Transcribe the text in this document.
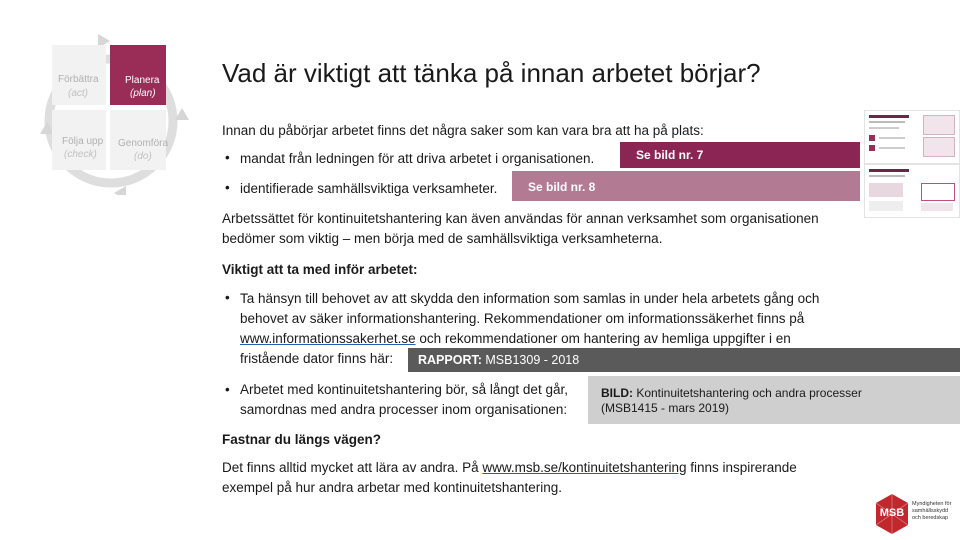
Förbättra
(act)
Planera
(plan)
Följa upp
(check)
Genomföra
(do)
Vad är viktigt att tänka på innan arbetet börjar?
Innan du påbörjar arbetet finns det några saker som kan vara bra att ha på plats:
Se bild nr. 7
• mandat från ledningen för att driva arbetet i organisationen.
Se bild nr. 8
• identifierade samhällsviktiga verksamheter.
Arbetssättet för kontinuitetshantering kan även användas för annan verksamhet som organisationen
bedömer som viktig – men börja med de samhällsviktiga verksamheterna.
Viktigt att ta med inför arbetet:
• Ta hänsyn till behovet av att skydda den information som samlas in under hela arbetets gång och
behovet av säker informationshantering. Rekommendationer om informationssäkerhet finns på
www.informationssakerhet.se och rekommendationer om hantering av hemliga uppgifter i en
fristående dator finns här:	RAPPORT: MSB1309 - 2018
• Arbetet med kontinuitetshantering bör, så långt det går,
samordnas med andra processer inom organisationen:
BILD: Kontinuitetshantering och andra processer
(MSB1415 - mars 2019)
Fastnar du längs vägen?
Det finns alltid mycket att lära av andra. På www.msb.se/kontinuitetshantering finns inspirerande
exempel på hur andra arbetar med kontinuitetshantering.
MSB
Myndigheten för
samhällsskydd
och beredskap
